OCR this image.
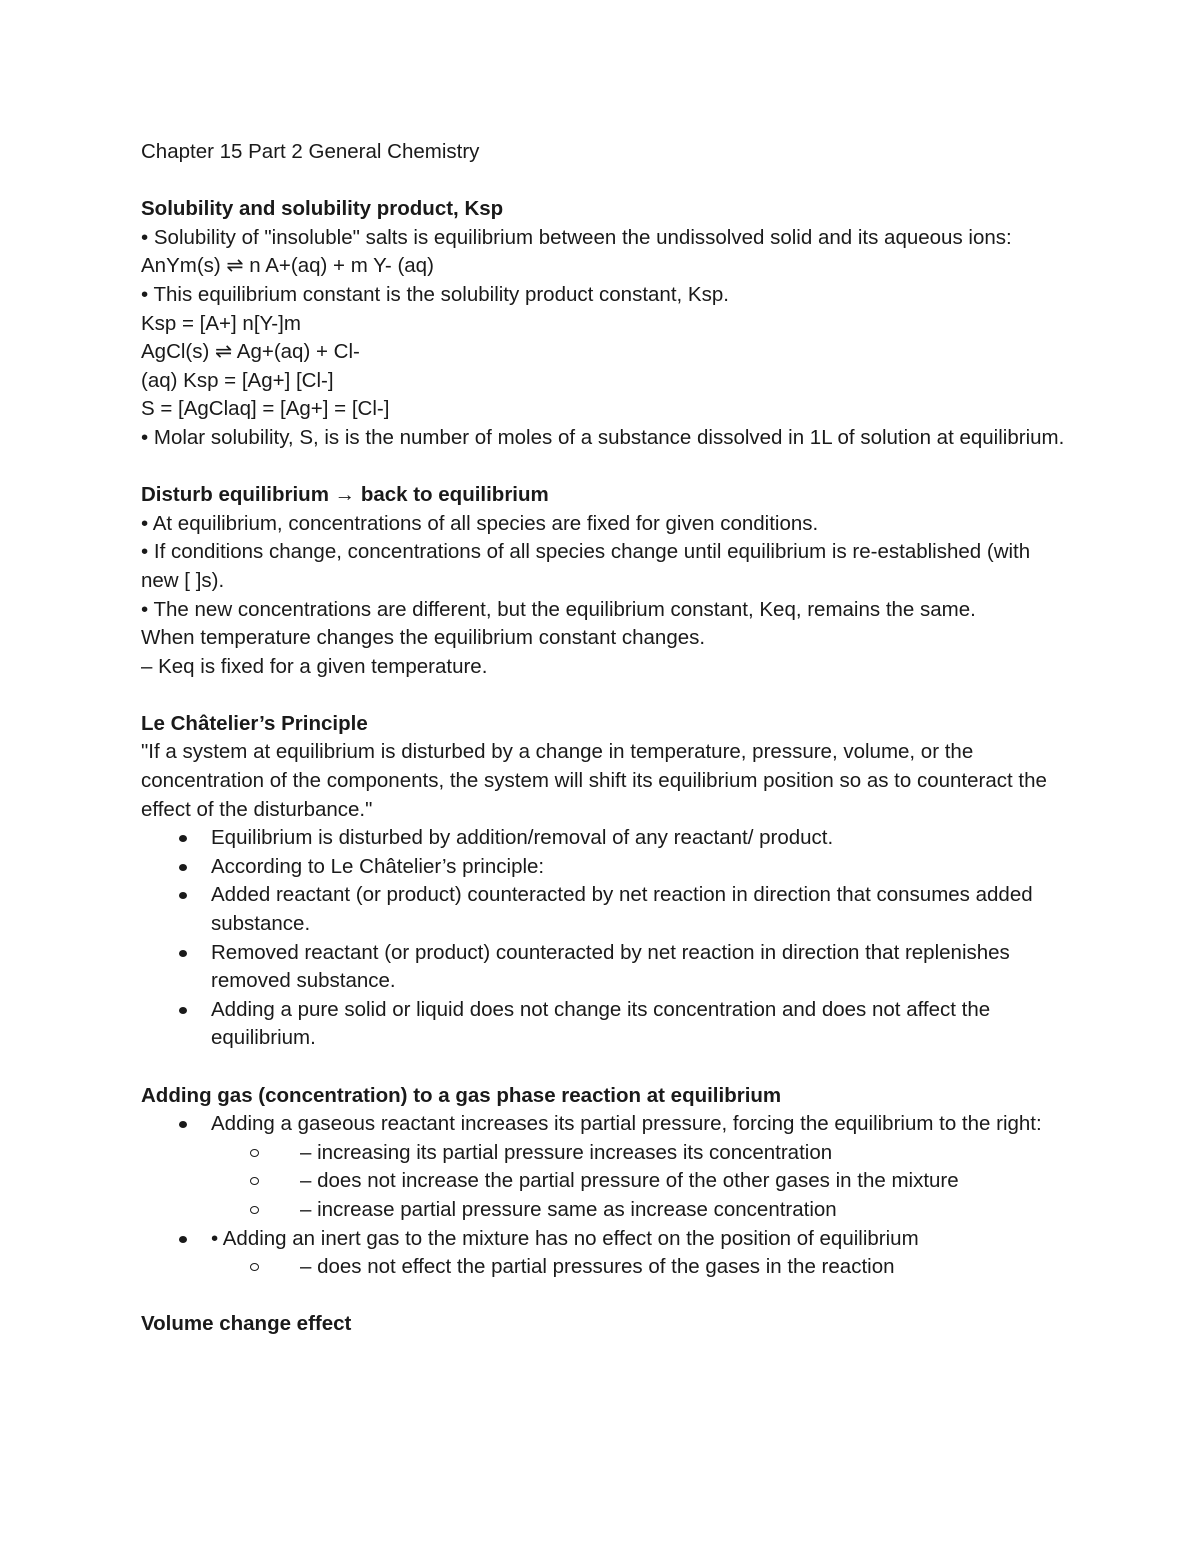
Chapter 15 Part 2 General Chemistry
Solubility and solubility product, Ksp
• Solubility of "insoluble" salts is equilibrium between the undissolved solid and its aqueous ions:
AnYm(s) ⇌ n A+(aq) + m Y- (aq)
• This equilibrium constant is the solubility product constant, Ksp.
Ksp = [A+] n[Y-]m
AgCl(s) ⇌ Ag+(aq) + Cl-
(aq) Ksp = [Ag+] [Cl-]
S = [AgClaq] = [Ag+] = [Cl-]
• Molar solubility, S, is is the number of moles of a substance dissolved in 1L of solution at equilibrium.
Disturb equilibrium → back to equilibrium
• At equilibrium, concentrations of all species are fixed for given conditions.
• If conditions change, concentrations of all species change until equilibrium is re-established (with new [ ]s).
• The new concentrations are different, but the equilibrium constant, Keq, remains the same.
When temperature changes the equilibrium constant changes.
– Keq is fixed for a given temperature.
Le Châtelier’s Principle
"If a system at equilibrium is disturbed by a change in temperature, pressure, volume, or the concentration of the components, the system will shift its equilibrium position so as to counteract the effect of the disturbance."
Equilibrium is disturbed by addition/removal of any reactant/ product.
According to Le Châtelier’s principle:
Added reactant (or product) counteracted by net reaction in direction that consumes added substance.
Removed reactant (or product) counteracted by net reaction in direction that replenishes removed substance.
Adding a pure solid or liquid does not change its concentration and does not affect the equilibrium.
Adding gas (concentration) to a gas phase reaction at equilibrium
Adding a gaseous reactant increases its partial pressure, forcing the equilibrium to the right:
– increasing its partial pressure increases its concentration
– does not increase the partial pressure of the other gases in the mixture
– increase partial pressure same as increase concentration
• Adding an inert gas to the mixture has no effect on the position of equilibrium
– does not effect the partial pressures of the gases in the reaction
Volume change effect
